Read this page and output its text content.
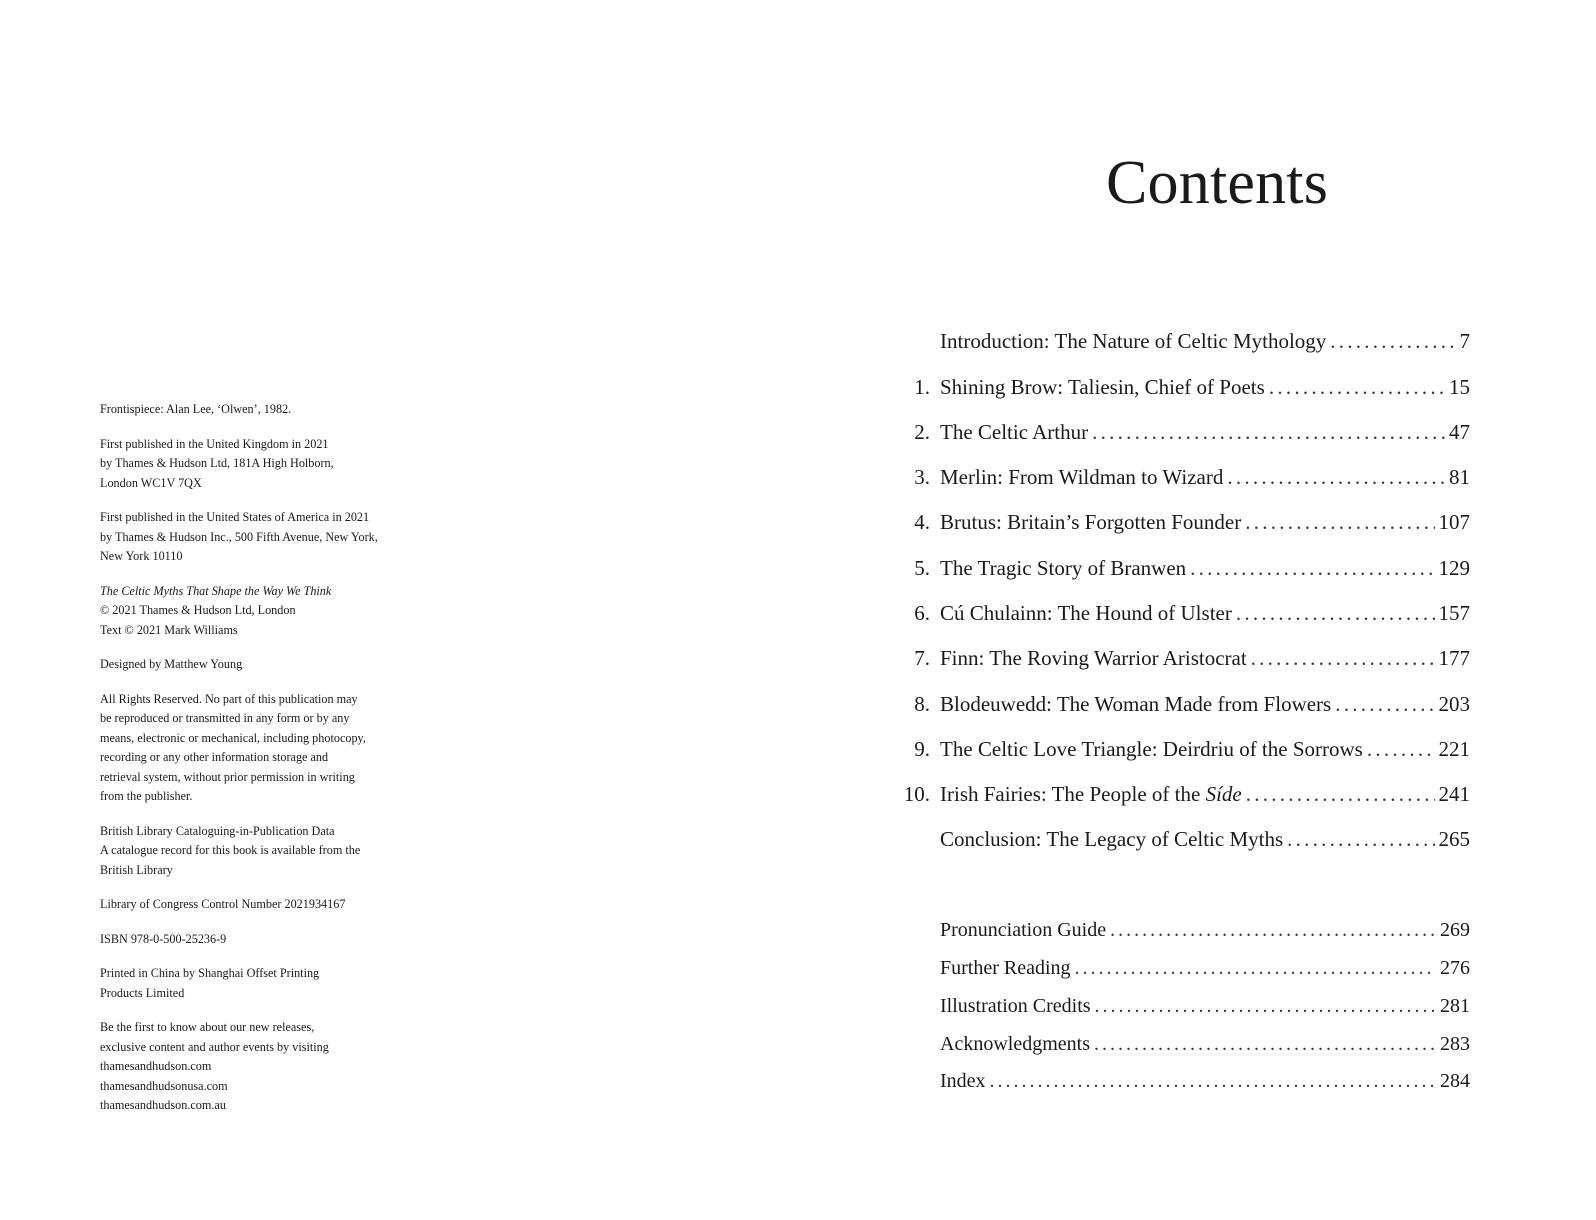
Frontispiece: Alan Lee, ‘Olwen’, 1982.
First published in the United Kingdom in 2021
by Thames & Hudson Ltd, 181A High Holborn,
London WC1V 7QX
First published in the United States of America in 2021
by Thames & Hudson Inc., 500 Fifth Avenue, New York,
New York 10110
The Celtic Myths That Shape the Way We Think
© 2021 Thames & Hudson Ltd, London
Text © 2021 Mark Williams
Designed by Matthew Young
All Rights Reserved. No part of this publication may
be reproduced or transmitted in any form or by any
means, electronic or mechanical, including photocopy,
recording or any other information storage and
retrieval system, without prior permission in writing
from the publisher.
British Library Cataloguing-in-Publication Data
A catalogue record for this book is available from the
British Library
Library of Congress Control Number 2021934167
ISBN 978-0-500-25236-9
Printed in China by Shanghai Offset Printing
Products Limited
Be the first to know about our new releases,
exclusive content and author events by visiting
thamesandhudson.com
thamesandhudsonusa.com
thamesandhudson.com.au
Contents
Introduction: The Nature of Celtic Mythology . . .	7
1. Shining Brow: Taliesin, Chief of Poets . . .	15
2. The Celtic Arthur . . .	47
3. Merlin: From Wildman to Wizard . . .	81
4. Brutus: Britain’s Forgotten Founder . . .	107
5. The Tragic Story of Branwen . . .	129
6. Cú Chulainn: The Hound of Ulster . . .	157
7. Finn: The Roving Warrior Aristocrat . . .	177
8. Blodeuwedd: The Woman Made from Flowers . . .	203
9. The Celtic Love Triangle: Deirdriu of the Sorrows . . .	221
10. Irish Fairies: The People of the Síde . . .	241
Conclusion: The Legacy of Celtic Myths . . .	265
Pronunciation Guide . . .	269
Further Reading . . .	276
Illustration Credits . . .	281
Acknowledgments . . .	283
Index . . .	284
